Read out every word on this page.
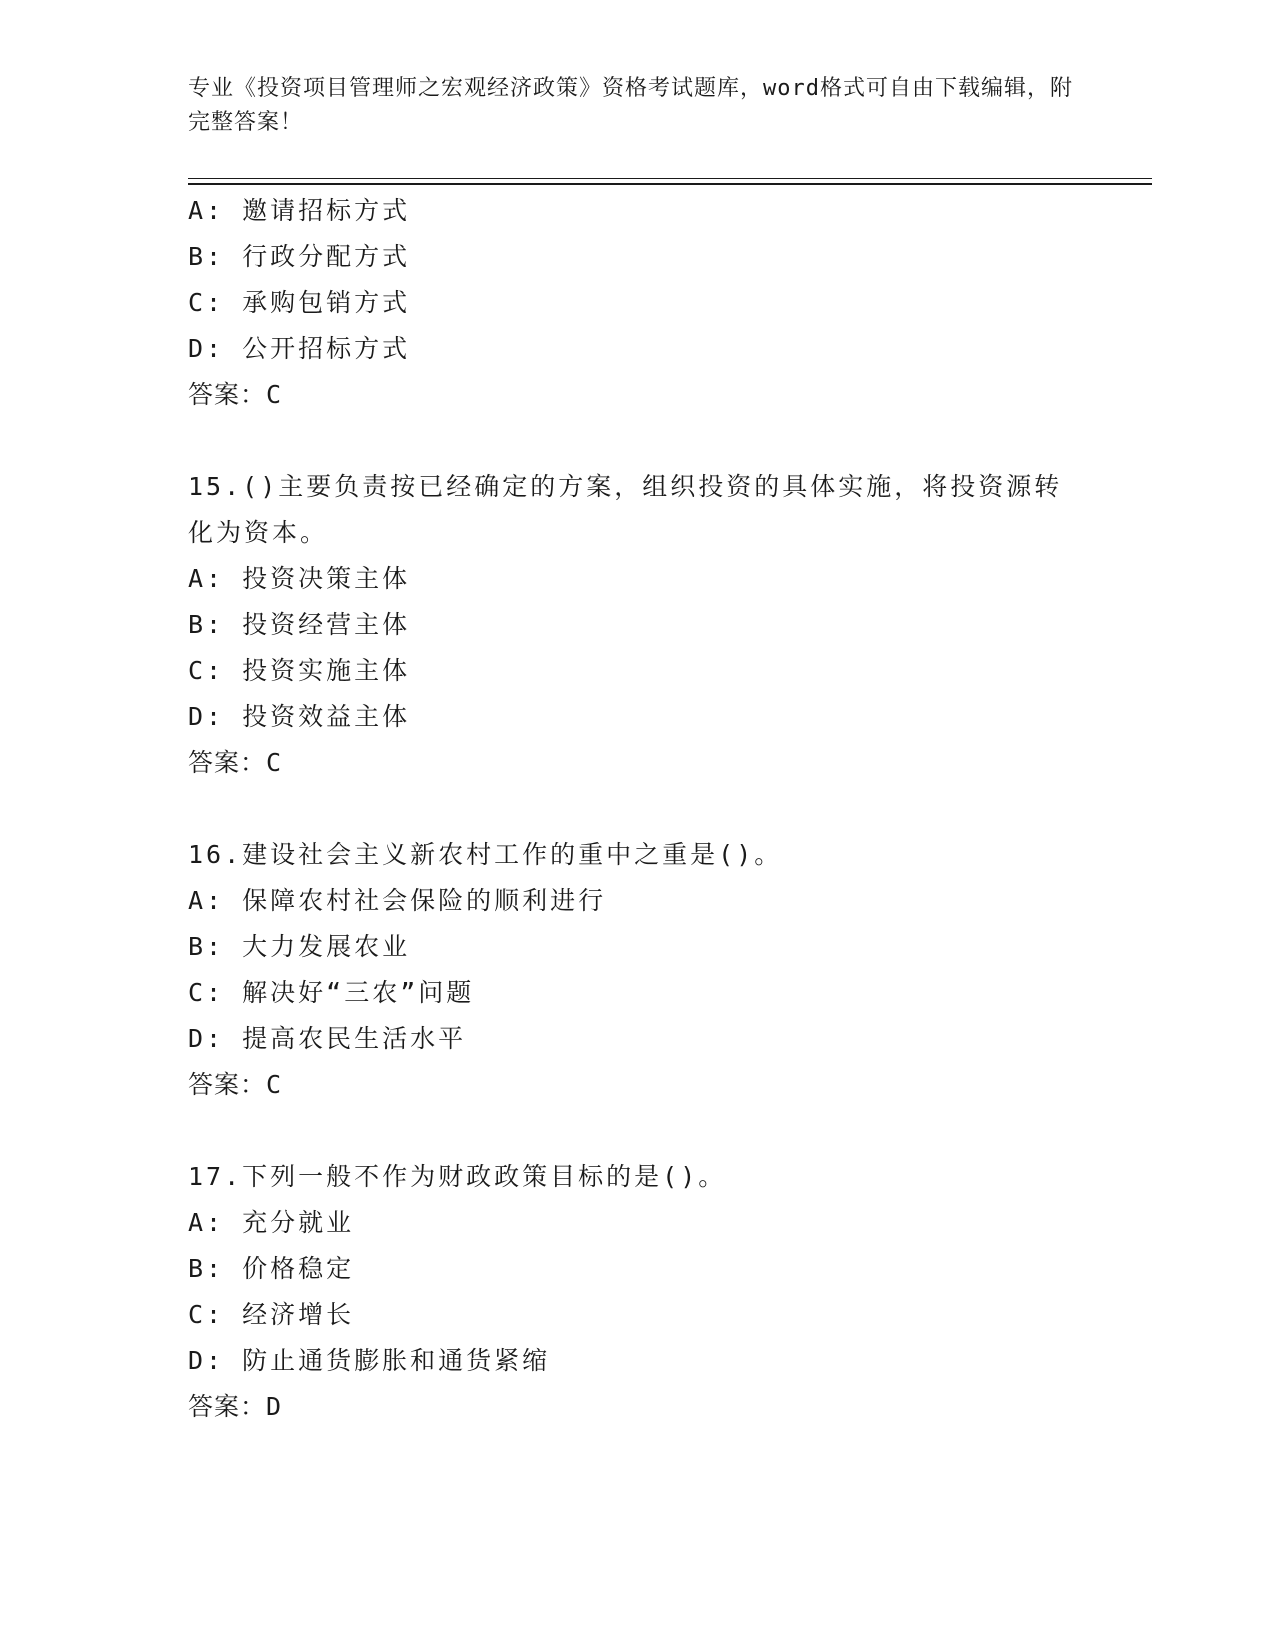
专业《投资项目管理师之宏观经济政策》资格考试题库，word格式可自由下载编辑，附完整答案！
A: 邀请招标方式
B: 行政分配方式
C: 承购包销方式
D: 公开招标方式
答案：C
15.()主要负责按已经确定的方案，组织投资的具体实施，将投资源转
化为资本。
A: 投资决策主体
B: 投资经营主体
C: 投资实施主体
D: 投资效益主体
答案：C
16.建设社会主义新农村工作的重中之重是()。
A: 保障农村社会保险的顺利进行
B: 大力发展农业
C: 解决好“三农”问题
D: 提高农民生活水平
答案：C
17.下列一般不作为财政政策目标的是()。
A: 充分就业
B: 价格稳定
C: 经济增长
D: 防止通货膨胀和通货紧缩
答案：D
